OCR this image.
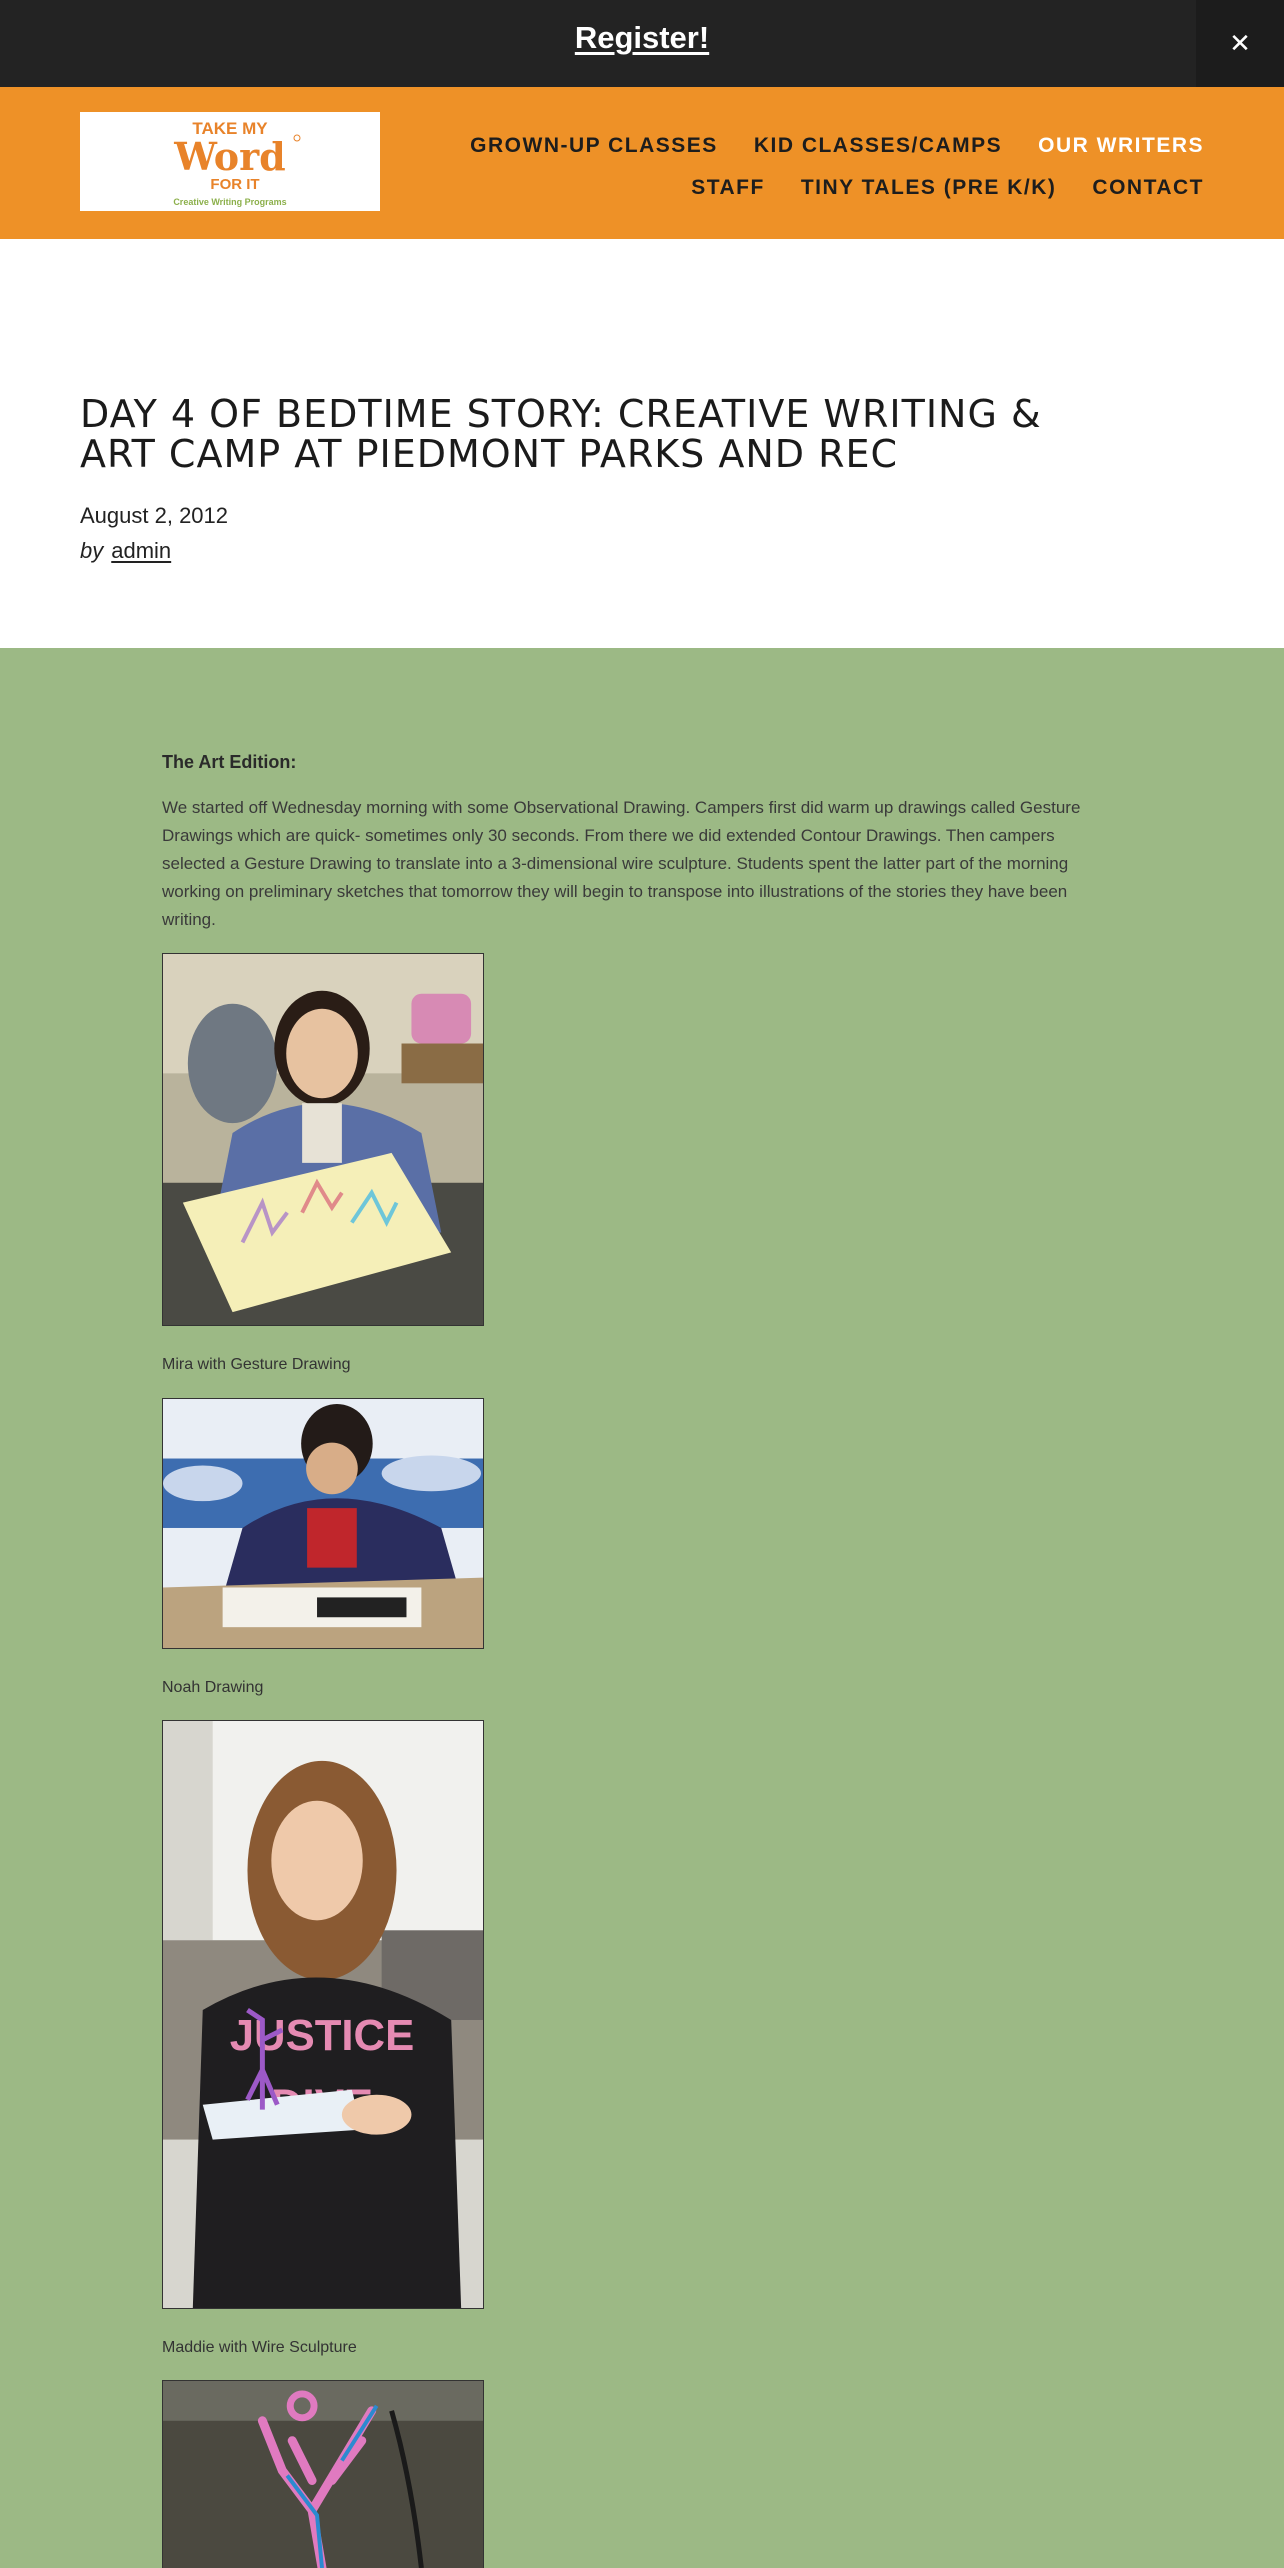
Register!	✕
TAKE MY
Word
FOR IT
Creative Writing Programs
GROWN-UP CLASSES KID CLASSES/CAMPS OUR WRITERS
STAFF TINY TALES (PRE K/K) CONTACT
DAY 4 OF BEDTIME STORY: CREATIVE WRITING &
ART CAMP AT PIEDMONT PARKS AND REC
August 2, 2012
by admin
The Art Edition:

We started off Wednesday morning with some Observational Drawing. Campers first did warm up drawings called Gesture Drawings which are quick- sometimes only 30 seconds. From there we did extended Contour Drawings. Then campers selected a Gesture Drawing to translate into a 3-dimensional wire sculpture. Students spent the latter part of the morning working on preliminary sketches that tomorrow they will begin to transpose into illustrations of the stories they have been writing.

Mira with Gesture Drawing
Noah Drawing
JUSTICE
Maddie with Wire Sculpture
